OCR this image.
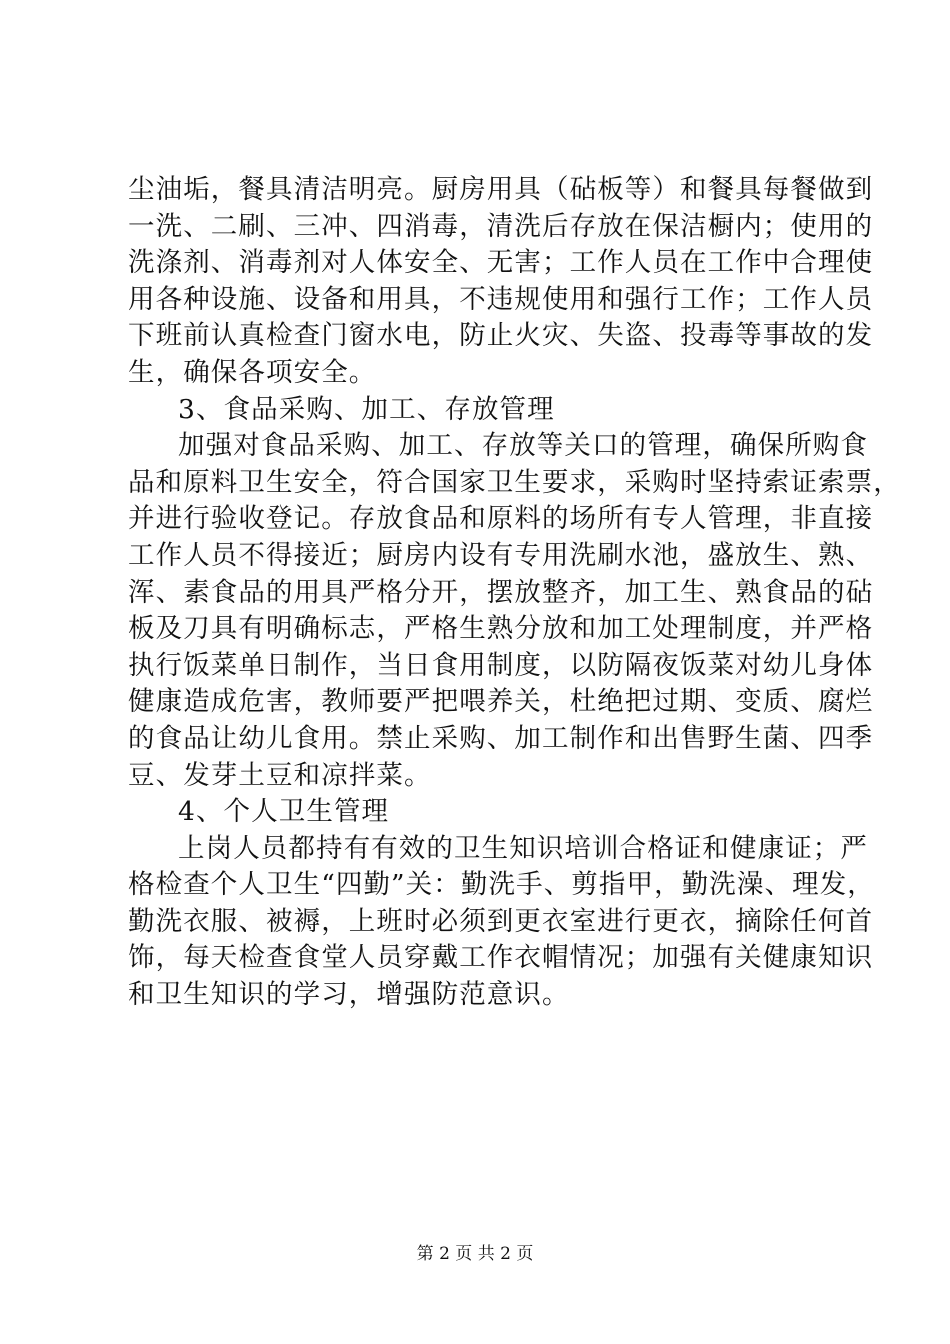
尘油垢，餐具清洁明亮。厨房用具（砧板等）和餐具每餐做到
一洗、二刷、三冲、四消毒，清洗后存放在保洁橱内；使用的
洗涤剂、消毒剂对人体安全、无害；工作人员在工作中合理使
用各种设施、设备和用具，不违规使用和强行工作；工作人员
下班前认真检查门窗水电，防止火灾、失盗、投毒等事故的发
生，确保各项安全。
3、食品采购、加工、存放管理
加强对食品采购、加工、存放等关口的管理，确保所购食
品和原料卫生安全，符合国家卫生要求，采购时坚持索证索票，
并进行验收登记。存放食品和原料的场所有专人管理，非直接
工作人员不得接近；厨房内设有专用洗刷水池，盛放生、熟、
浑、素食品的用具严格分开，摆放整齐，加工生、熟食品的砧
板及刀具有明确标志，严格生熟分放和加工处理制度，并严格
执行饭菜单日制作，当日食用制度，以防隔夜饭菜对幼儿身体
健康造成危害，教师要严把喂养关，杜绝把过期、变质、腐烂
的食品让幼儿食用。禁止采购、加工制作和出售野生菌、四季
豆、发芽土豆和凉拌菜。
4、个人卫生管理
上岗人员都持有有效的卫生知识培训合格证和健康证；严
格检查个人卫生“四勤”关：勤洗手、剪指甲，勤洗澡、理发，
勤洗衣服、被褥，上班时必须到更衣室进行更衣，摘除任何首
饰，每天检查食堂人员穿戴工作衣帽情况；加强有关健康知识
和卫生知识的学习，增强防范意识。
第 2 页 共 2 页
